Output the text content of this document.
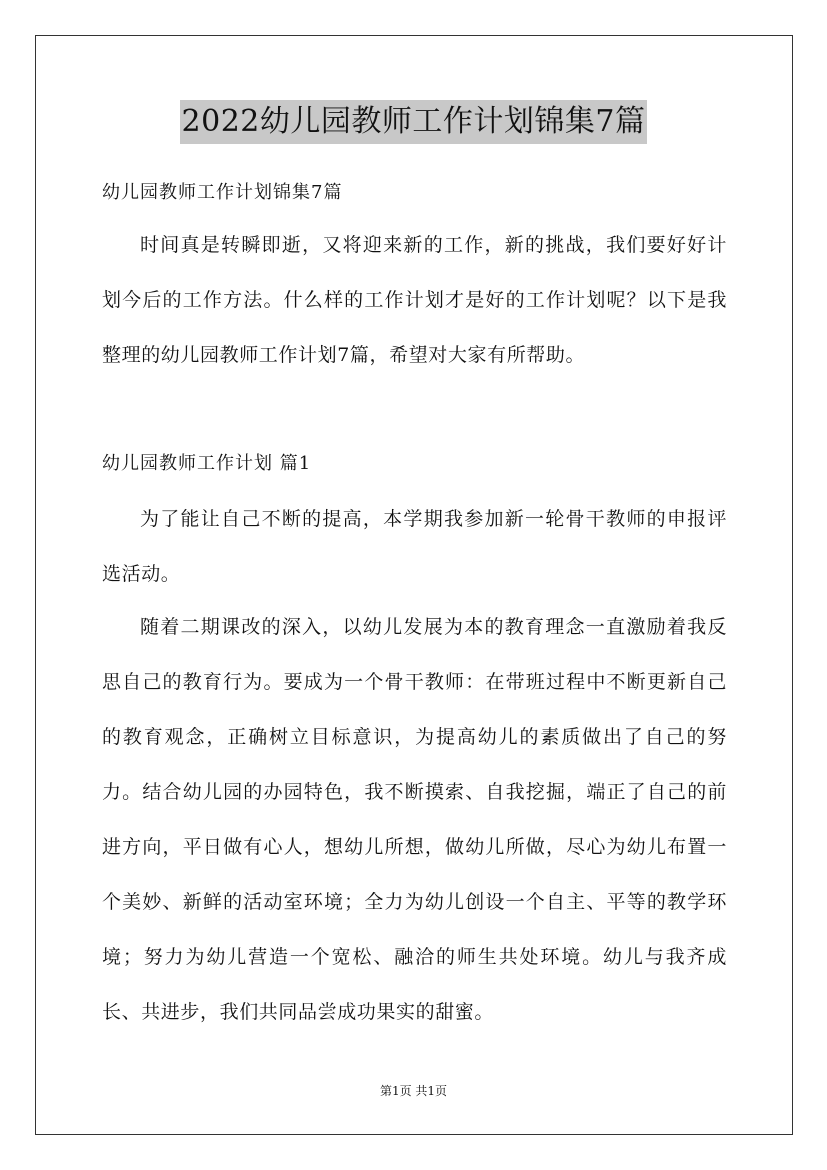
2022幼儿园教师工作计划锦集7篇
幼儿园教师工作计划锦集7篇

时间真是转瞬即逝，又将迎来新的工作，新的挑战，我们要好好计划今后的工作方法。什么样的工作计划才是好的工作计划呢？以下是我整理的幼儿园教师工作计划7篇，希望对大家有所帮助。

幼儿园教师工作计划 篇1

为了能让自己不断的提高，本学期我参加新一轮骨干教师的申报评选活动。

随着二期课改的深入，以幼儿发展为本的教育理念一直激励着我反思自己的教育行为。要成为一个骨干教师：在带班过程中不断更新自己的教育观念，正确树立目标意识，为提高幼儿的素质做出了自己的努力。结合幼儿园的办园特色，我不断摸索、自我挖掘，端正了自己的前进方向，平日做有心人，想幼儿所想，做幼儿所做，尽心为幼儿布置一个美妙、新鲜的活动室环境；全力为幼儿创设一个自主、平等的教学环境；努力为幼儿营造一个宽松、融洽的师生共处环境。幼儿与我齐成长、共进步，我们共同品尝成功果实的甜蜜。

第1页 共1页
